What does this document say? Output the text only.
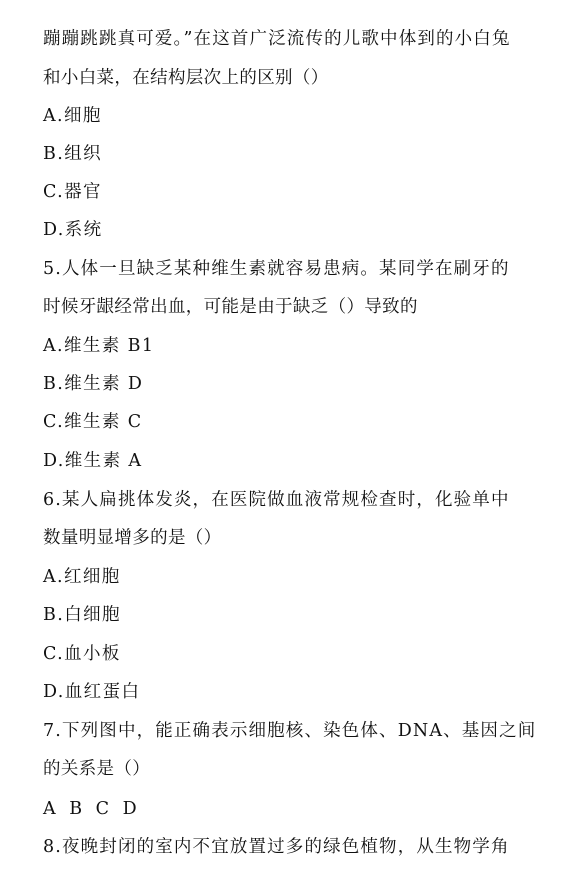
蹦蹦跳跳真可爱。”在这首广泛流传的儿歌中体到的小白兔
和小白菜，在结构层次上的区别（）
A.细胞
B.组织
C.器官
D.系统
5.人体一旦缺乏某种维生素就容易患病。某同学在刷牙的
时候牙龈经常出血，可能是由于缺乏（）导致的
A.维生素 B1
B.维生素 D
C.维生素 C
D.维生素 A
6.某人扁挑体发炎，在医院做血液常规检查时，化验单中
数量明显增多的是（）
A.红细胞
B.白细胞
C.血小板
D.血红蛋白
7.下列图中，能正确表示细胞核、染色体、DNA、基因之间
的关系是（）
A B C D
8.夜晚封闭的室内不宜放置过多的绿色植物，从生物学角
